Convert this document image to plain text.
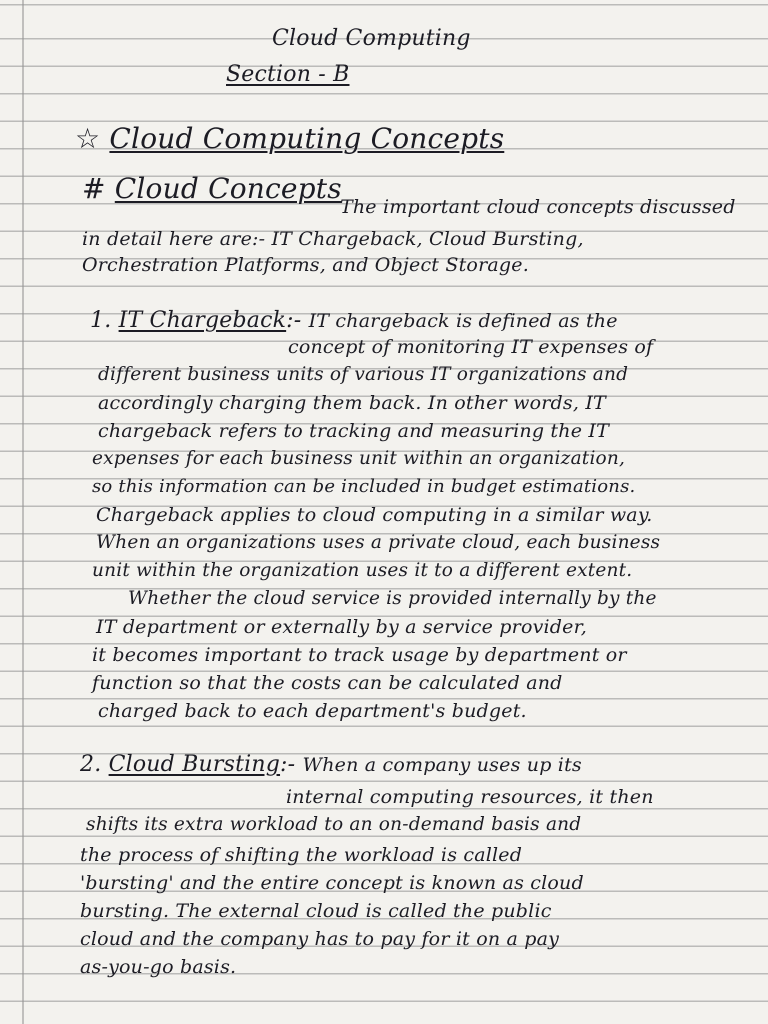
Cloud Computing
Section - B
☆ Cloud Computing Concepts
# Cloud Concepts
The important cloud concepts discussed
in detail here are:- IT Chargeback, Cloud Bursting,
Orchestration Platforms, and Object Storage.
1. IT Chargeback:- IT chargeback is defined as the
concept of monitoring IT expenses of
different business units of various IT organizations and
accordingly charging them back. In other words, IT
chargeback refers to tracking and measuring the IT
expenses for each business unit within an organization,
so this information can be included in budget estimations.
Chargeback applies to cloud computing in a similar way.
When an organizations uses a private cloud, each business
unit within the organization uses it to a different extent.
Whether the cloud service is provided internally by the
IT department or externally by a service provider,
it becomes important to track usage by department or
function so that the costs can be calculated and
charged back to each department's budget.
2. Cloud Bursting:- When a company uses up its
internal computing resources, it then
shifts its extra workload to an on-demand basis and
the process of shifting the workload is called
'bursting' and the entire concept is known as cloud
bursting. The external cloud is called the public
cloud and the company has to pay for it on a pay
as-you-go basis.
